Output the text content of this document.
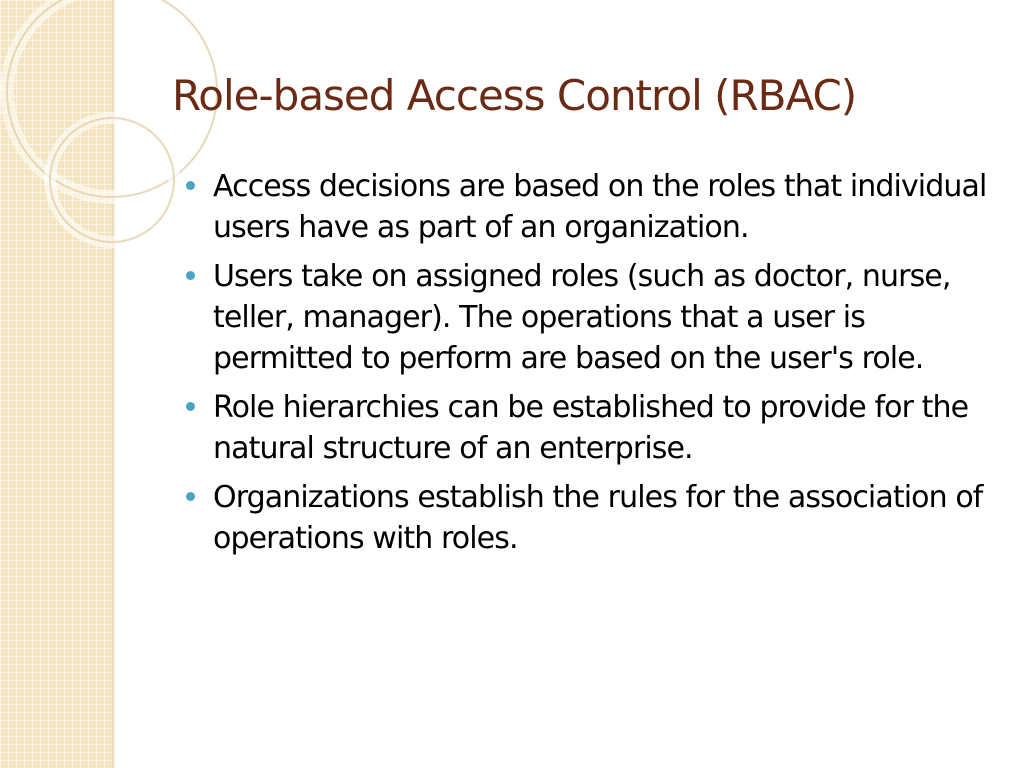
Role-based Access Control (RBAC)
Access decisions are based on the roles that individual users have as part of an organization.
Users take on assigned roles (such as doctor, nurse, teller, manager). The operations that a user is permitted to perform are based on the user's role.
Role hierarchies can be established to provide for the natural structure of an enterprise.
Organizations establish the rules for the association of operations with roles.
